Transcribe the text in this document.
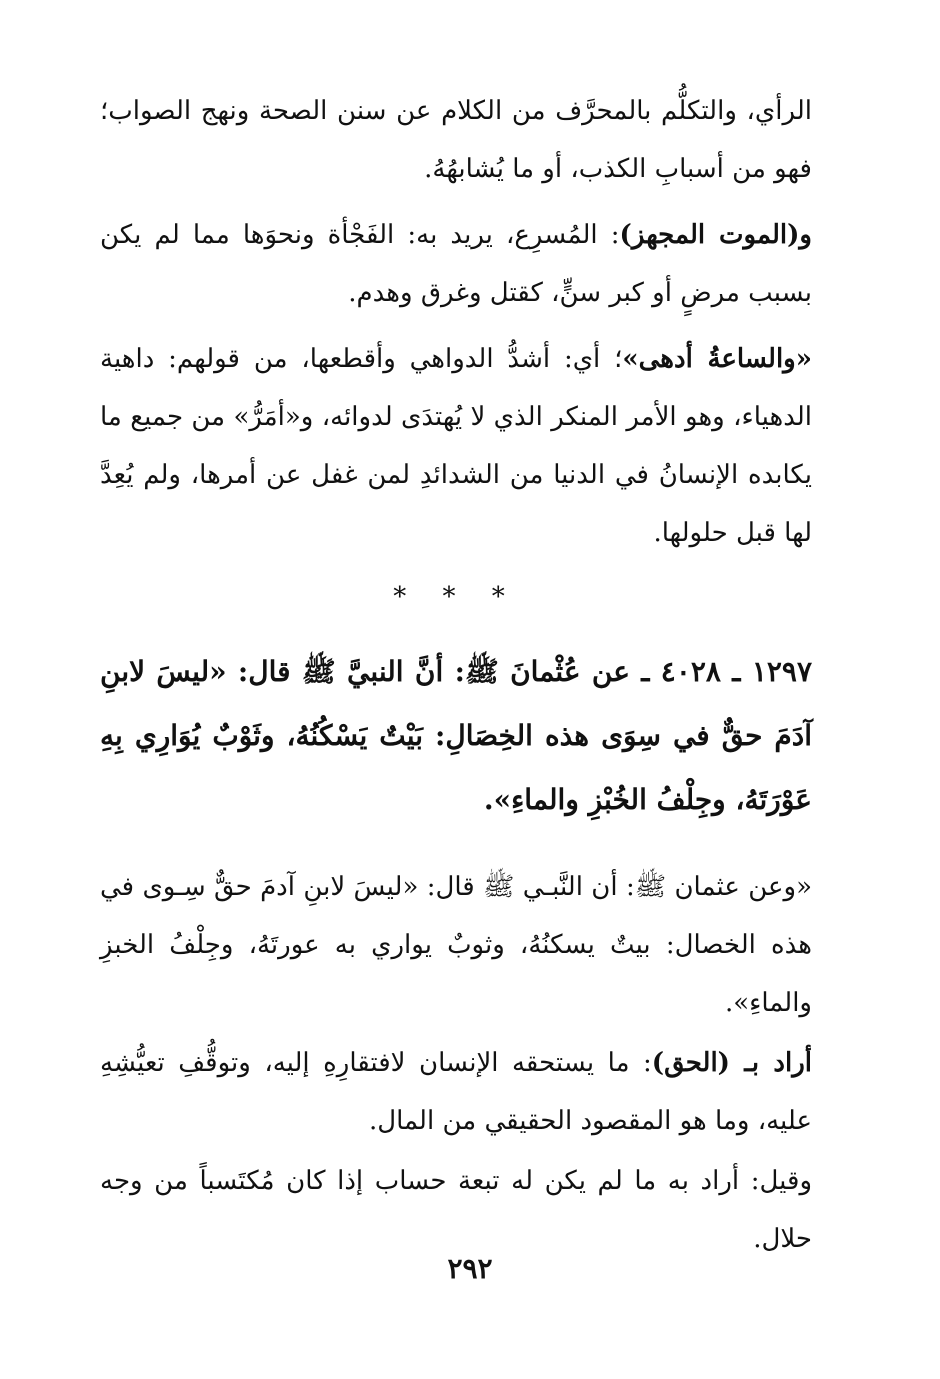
الرأي، والتكلُّم بالمحرَّف من الكلام عن سنن الصحة ونهج الصواب؛ فهو من أسبابِ الكذب، أو ما يُشابهُهُ.

و(الموت المجهز): المُسرِع، يريد به: الفَجْأة ونحوَها مما لم يكن بسبب مرضٍ أو كبر سنٍّ، كقتل وغرق وهدم.

«والساعةُ أدهى»؛ أي: أشدُّ الدواهي وأقطعها، من قولهم: داهية الدهياء، وهو الأمر المنكر الذي لا يُهتدَى لدوائه، و«أمَرُّ» من جميع ما يكابده الإنسانُ في الدنيا من الشدائدِ لمن غفل عن أمرها، ولم يُعِدَّ لها قبل حلولها.

* * *

١٢٩٧ ـ ٤٠٢٨ ـ عن عُثْمانَ ﷺ: أنَّ النبيَّ ﷺ قال: «ليسَ لابنِ آدَمَ حقٌّ في سِوَى هذه الخِصَالِ: بَيْتٌ يَسْكُنُهُ، وثَوْبٌ يُوَارِي بِهِ عَوْرَتَهُ، وجِلْفُ الخُبْزِ والماءِ».

«وعن عثمان ﷺ: أن النَّبـي ﷺ قال: «ليسَ لابنِ آدمَ حقٌّ سِـوى في هذه الخصال: بيتٌ يسكنُهُ، وثوبٌ يواري به عورتَهُ، وجِلْفُ الخبزِ والماءِ».

أراد بـ (الحق): ما يستحقه الإنسان لافتقارِهِ إليه، وتوقُّفِ تعيُّشِهِ عليه، وما هو المقصود الحقيقي من المال.

وقيل: أراد به ما لم يكن له تبعة حساب إذا كان مُكتَسباً من وجه حلال.

٢٩٢
